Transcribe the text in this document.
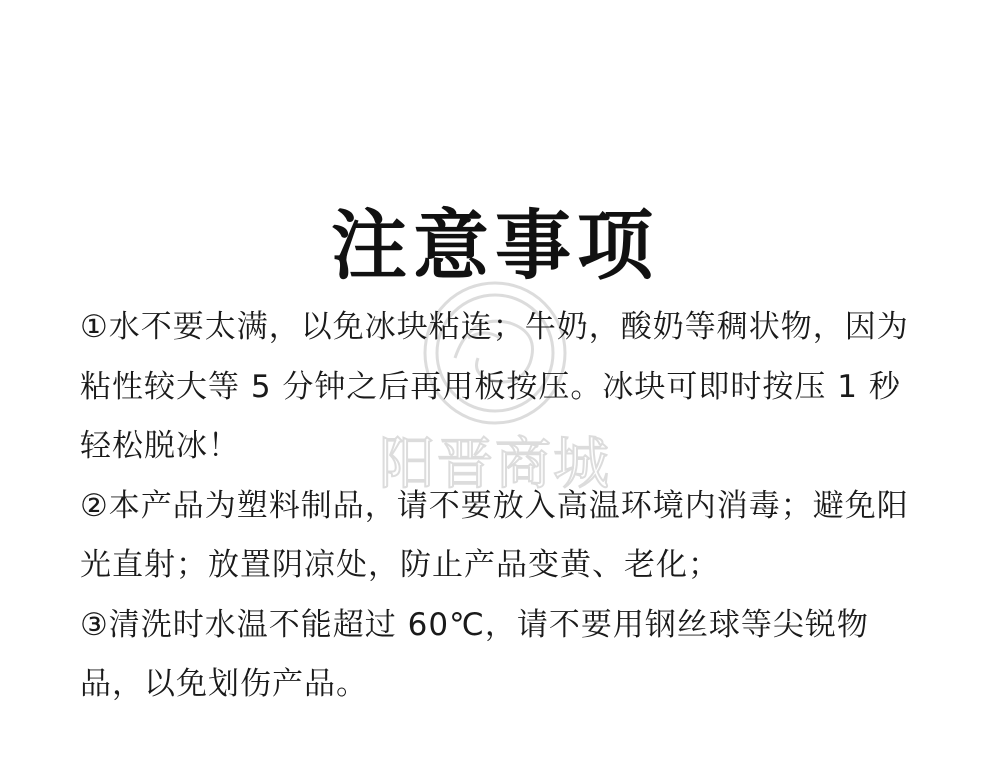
阳晋商城
注意事项

①水不要太满，以免冰块粘连；牛奶，酸奶等稠状物，因为粘性较大等 5 分钟之后再用板按压。冰块可即时按压 1 秒轻松脱冰！

②本产品为塑料制品，请不要放入高温环境内消毒；避免阳光直射；放置阴凉处，防止产品变黄、老化；

③清洗时水温不能超过 60℃，请不要用钢丝球等尖锐物品，以免划伤产品。
